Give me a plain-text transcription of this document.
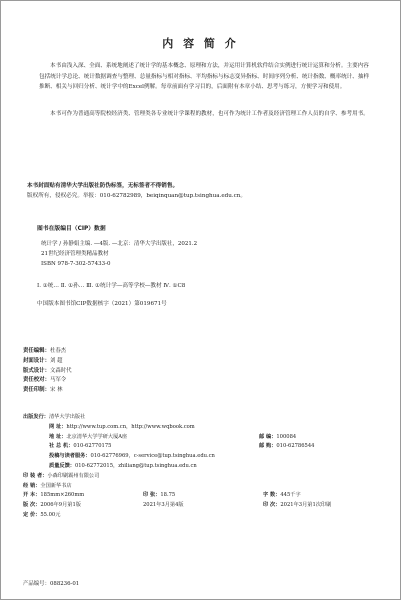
内 容 简 介

本书由浅入深、全面、系统地阐述了统计学的基本概念、原理和方法，并运用计算机软件结合实例进行统计运算和分析。主要内容包括统计学总论、统计数据调查与整理、总量指标与相对指标、平均指标与标志变异指标、时间序列分析、统计指数、概率统计、抽样推断、相关与回归分析、统计学中的Excel例解。每章前面有学习目的，后面附有本章小结、思考与练习，方便学习和使用。

本书可作为普通高等院校经济类、管理类各专业统计学课程的教材，也可作为统计工作者及经济管理工作人员的自学、参考用书。

本书封面贴有清华大学出版社防伪标签，无标签者不得销售。
版权所有，侵权必究。举报：010-62782989，beiqinquan@tup.tsinghua.edu.cn。
图书在版编目（CIP）数据
统计学 / 孙静娟主编. —4版. —北京：清华大学出版社，2021.2
21世纪经济管理类精品教材
ISBN 978-7-302-57433-0
Ⅰ. ①统… Ⅱ. ①孙… Ⅲ. ①统计学—高等学校—教材 Ⅳ. ①C8
中国版本图书馆CIP数据核字（2021）第019671号
责任编辑：杜春杰
封面设计：刘 超
版式设计：文森时代
责任校对：马军令
责任印制：宋 林
出版发行：清华大学出版社
网 址：http://www.tup.com.cn，http://www.wqbook.com
地 址：北京清华大学学研大厦A座	邮 编：100084
社 总 机：010-62770175	邮 购：010-62786544
投稿与读者服务：010-62776969，c-service@tup.tsinghua.edu.cn
质量反馈：010-62772015，zhiliang@tup.tsinghua.edu.cn
印 装 者：小森印刷霸州有限公司
经 销：全国新华书店
开 本：185mm×260mm	印 张：18.75	字 数：445千字
版 次：2006年9月第1版	2021年3月第4版	印 次：2021年3月第1次印刷
定 价：55.00元
产品编号：088236-01
